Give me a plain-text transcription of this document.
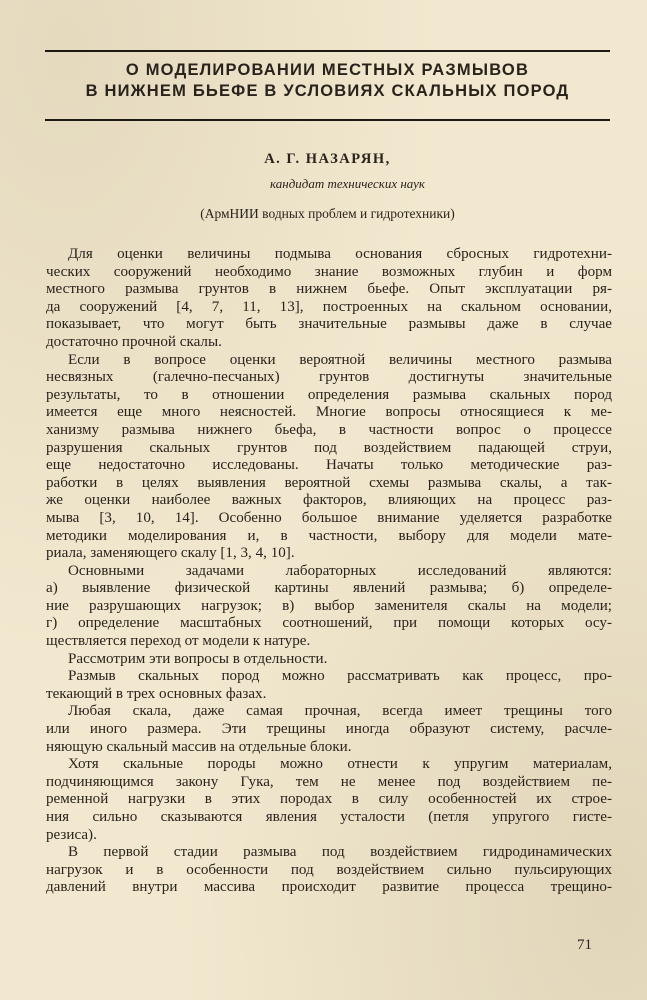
О МОДЕЛИРОВАНИИ МЕСТНЫХ РАЗМЫВОВ
В НИЖНЕМ БЬЕФЕ В УСЛОВИЯХ СКАЛЬНЫХ ПОРОД
А. Г. НАЗАРЯН,
кандидат технических наук
(АрмНИИ водных проблем и гидротехники)
Для оценки величины подмыва основания сбросных гидротехни-
ческих сооружений необходимо знание возможных глубин и форм
местного размыва грунтов в нижнем бьефе. Опыт эксплуатации ря-
да сооружений [4, 7, 11, 13], построенных на скальном основании,
показывает, что могут быть значительные размывы даже в случае
достаточно прочной скалы.
Если в вопросе оценки вероятной величины местного размыва
несвязных (галечно-песчаных) грунтов достигнуты значительные
результаты, то в отношении определения размыва скальных пород
имеется еще много неясностей. Многие вопросы относящиеся к ме-
ханизму размыва нижнего бьефа, в частности вопрос о процессе
разрушения скальных грунтов под воздействием падающей струи,
еще недостаточно исследованы. Начаты только методические раз-
работки в целях выявления вероятной схемы размыва скалы, а так-
же оценки наиболее важных факторов, влияющих на процесс раз-
мыва [3, 10, 14]. Особенно большое внимание уделяется разработке
методики моделирования и, в частности, выбору для модели мате-
риала, заменяющего скалу [1, 3, 4, 10].
Основными задачами лабораторных исследований являются:
а) выявление физической картины явлений размыва; б) определе-
ние разрушающих нагрузок; в) выбор заменителя скалы на модели;
г) определение масштабных соотношений, при помощи которых осу-
ществляется переход от модели к натуре.
Рассмотрим эти вопросы в отдельности.
Размыв скальных пород можно рассматривать как процесс, про-
текающий в трех основных фазах.
Любая скала, даже самая прочная, всегда имеет трещины того
или иного размера. Эти трещины иногда образуют систему, расчле-
няющую скальный массив на отдельные блоки.
Хотя скальные породы можно отнести к упругим материалам,
подчиняющимся закону Гука, тем не менее под воздействием пе-
ременной нагрузки в этих породах в силу особенностей их строе-
ния сильно сказываются явления усталости (петля упругого гисте-
резиса).
В первой стадии размыва под воздействием гидродинамических
нагрузок и в особенности под воздействием сильно пульсирующих
давлений внутри массива происходит развитие процесса трещино-
71
